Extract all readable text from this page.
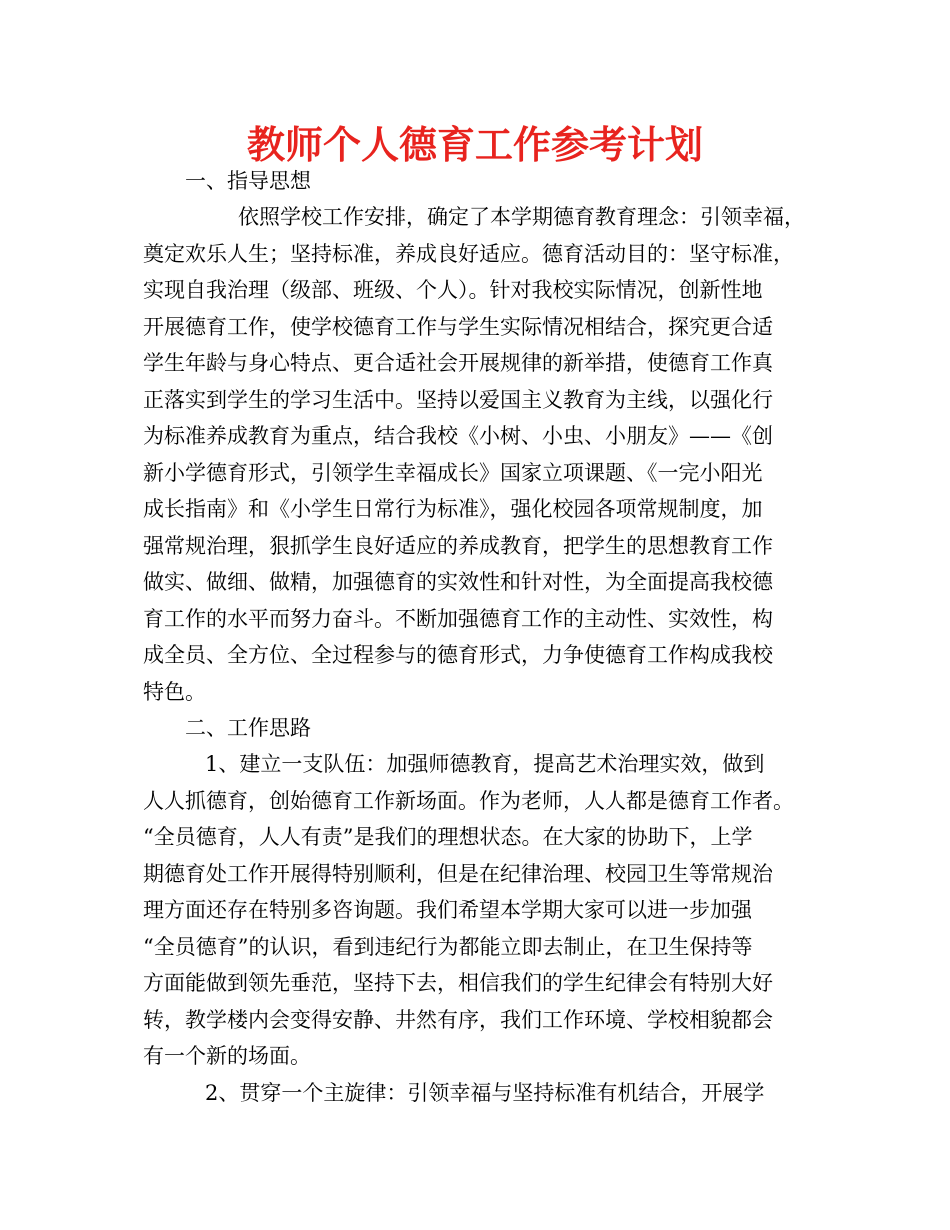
教师个人德育工作参考计划

一、指导思想

依照学校工作安排，确定了本学期德育教育理念：引领幸福，
奠定欢乐人生；坚持标准，养成良好适应。德育活动目的：坚守标准，
实现自我治理（级部、班级、个人）。针对我校实际情况，创新性地
开展德育工作，使学校德育工作与学生实际情况相结合，探究更合适
学生年龄与身心特点、更合适社会开展规律的新举措，使德育工作真
正落实到学生的学习生活中。坚持以爱国主义教育为主线，以强化行
为标准养成教育为重点，结合我校《小树、小虫、小朋友》——《创
新小学德育形式，引领学生幸福成长》国家立项课题、《一完小阳光
成长指南》和《小学生日常行为标准》，强化校园各项常规制度，加
强常规治理，狠抓学生良好适应的养成教育，把学生的思想教育工作
做实、做细、做精，加强德育的实效性和针对性，为全面提高我校德
育工作的水平而努力奋斗。不断加强德育工作的主动性、实效性，构
成全员、全方位、全过程参与的德育形式，力争使德育工作构成我校
特色。

二、工作思路

1、建立一支队伍：加强师德教育，提高艺术治理实效，做到
人人抓德育，创始德育工作新场面。作为老师，人人都是德育工作者。
“全员德育，人人有责”是我们的理想状态。在大家的协助下，上学
期德育处工作开展得特别顺利，但是在纪律治理、校园卫生等常规治
理方面还存在特别多咨询题。我们希望本学期大家可以进一步加强
“全员德育”的认识，看到违纪行为都能立即去制止，在卫生保持等
方面能做到领先垂范，坚持下去，相信我们的学生纪律会有特别大好
转，教学楼内会变得安静、井然有序，我们工作环境、学校相貌都会
有一个新的场面。

2、贯穿一个主旋律：引领幸福与坚持标准有机结合，开展学
